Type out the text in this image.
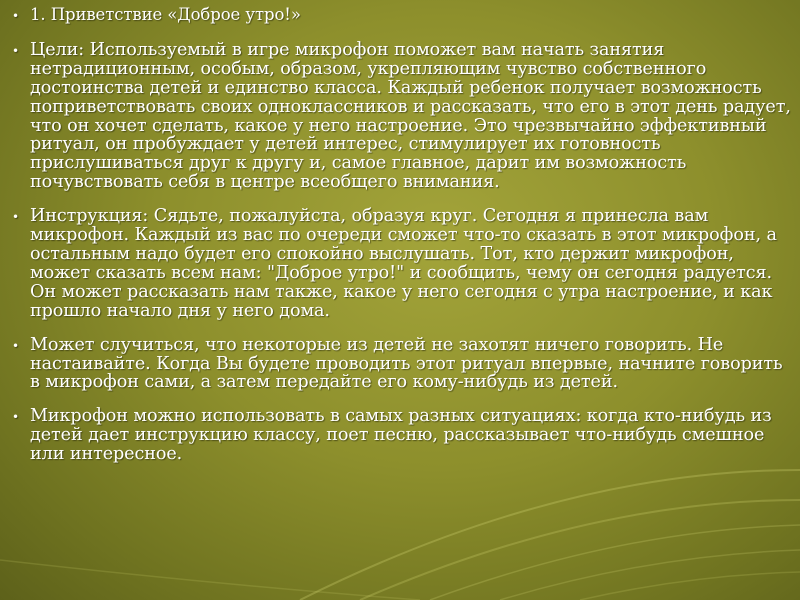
• 1. Приветствие «Доброе утро!»
• Цели: Используемый в игре микрофон поможет вам начать занятия нетрадиционным, особым, образом, укрепляющим чувство собственного достоинства детей и единство класса. Каждый ребенок получает возможность поприветствовать своих одноклассников и рассказать, что его в этот день радует, что он хочет сделать, какое у него настроение. Это чрезвычайно эффективный ритуал, он пробуждает у детей интерес, стимулирует их готовность прислушиваться друг к другу и, самое главное, дарит им возможность почувствовать себя в центре всеобщего внимания.
• Инструкция: Сядьте, пожалуйста, образуя круг. Сегодня я принесла вам микрофон. Каждый из вас по очереди сможет что-то сказать в этот микрофон, а остальным надо будет его спокойно выслушать. Тот, кто держит микрофон, может сказать всем нам: "Доброе утро!" и сообщить, чему он сегодня радуется. Он может рассказать нам также, какое у него сегодня с утра настроение, и как прошло начало дня у него дома.
• Может случиться, что некоторые из детей не захотят ничего говорить. Не настаивайте. Когда Вы будете проводить этот ритуал впервые, начните говорить в микрофон сами, а затем передайте его кому-нибудь из детей.
• Микрофон можно использовать в самых разных ситуациях: когда кто-нибудь из детей дает инструкцию классу, поет песню, рассказывает что-нибудь смешное или интересное.
